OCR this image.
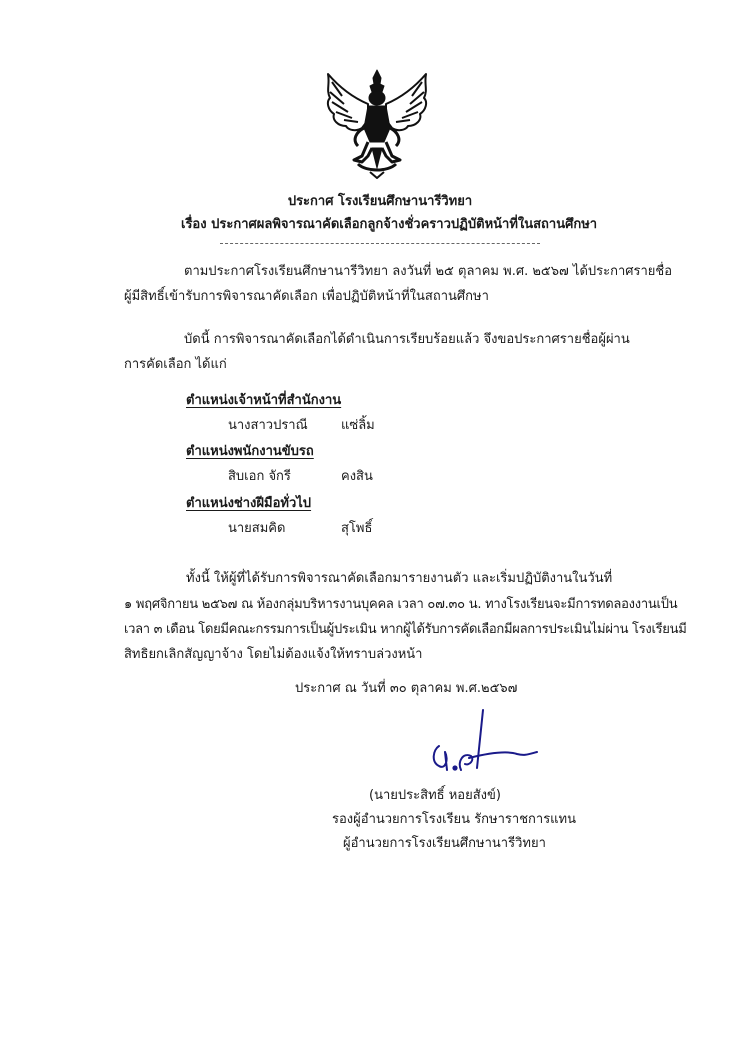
ประกาศ โรงเรียนศึกษานารีวิทยา
เรื่อง ประกาศผลพิจารณาคัดเลือกลูกจ้างชั่วคราวปฏิบัติหน้าที่ในสถานศึกษา
ตามประกาศโรงเรียนศึกษานารีวิทยา ลงวันที่ ๒๕ ตุลาคม พ.ศ. ๒๕๖๗ ได้ประกาศรายชื่อ
ผู้มีสิทธิ์เข้ารับการพิจารณาคัดเลือก เพื่อปฏิบัติหน้าที่ในสถานศึกษา
บัดนี้ การพิจารณาคัดเลือกได้ดำเนินการเรียบร้อยแล้ว จึงขอประกาศรายชื่อผู้ผ่าน
การคัดเลือก ได้แก่
ตำแหน่งเจ้าหน้าที่สำนักงาน
นางสาวปราณี	แซ่ลิ้ม
ตำแหน่งพนักงานขับรถ
สิบเอก จักรี	คงสิน
ตำแหน่งช่างฝีมือทั่วไป
นายสมคิด	สุโพธิ์
ทั้งนี้ ให้ผู้ที่ได้รับการพิจารณาคัดเลือกมารายงานตัว และเริ่มปฏิบัติงานในวันที่
๑ พฤศจิกายน ๒๕๖๗ ณ ห้องกลุ่มบริหารงานบุคคล เวลา ๐๗.๓๐ น. ทางโรงเรียนจะมีการทดลองงานเป็น
เวลา ๓ เดือน โดยมีคณะกรรมการเป็นผู้ประเมิน หากผู้ได้รับการคัดเลือกมีผลการประเมินไม่ผ่าน โรงเรียนมี
สิทธิยกเลิกสัญญาจ้าง โดยไม่ต้องแจ้งให้ทราบล่วงหน้า
ประกาศ ณ วันที่ ๓๐ ตุลาคม พ.ศ.๒๕๖๗
(นายประสิทธิ์ หอยสังข์)
รองผู้อำนวยการโรงเรียน รักษาราชการแทน
ผู้อำนวยการโรงเรียนศึกษานารีวิทยา
